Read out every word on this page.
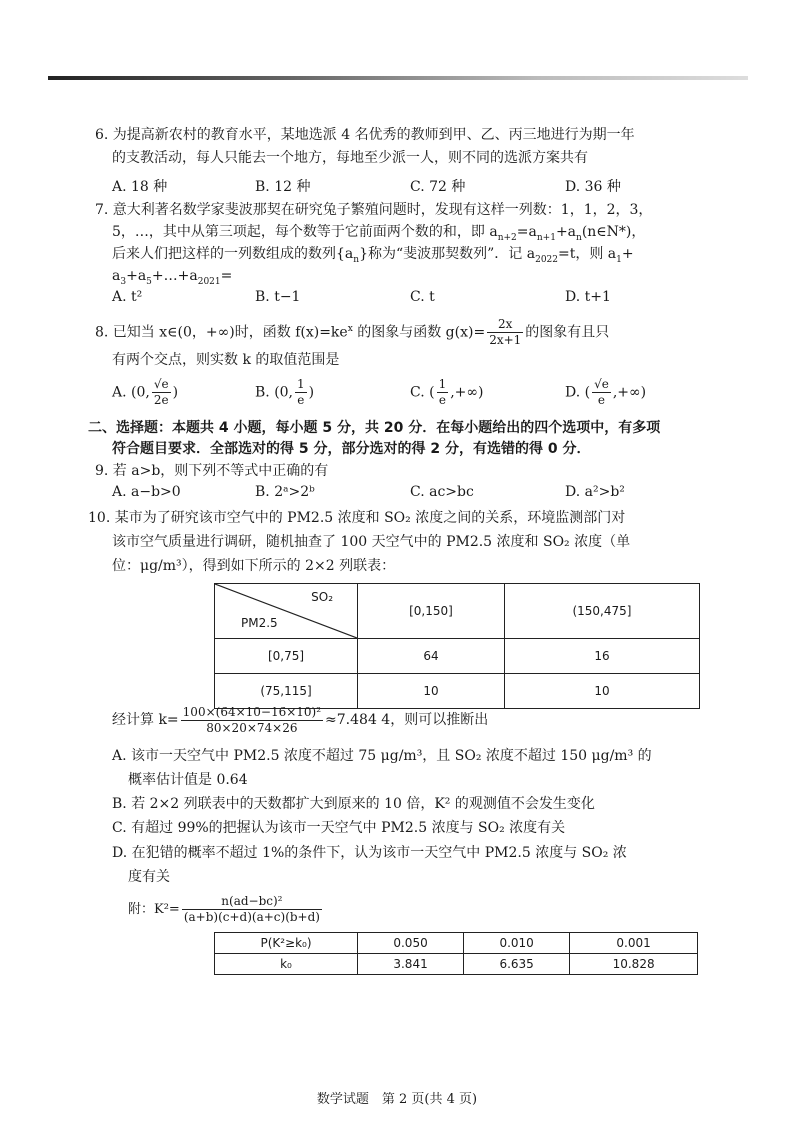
6. 为提高新农村的教育水平，某地选派 4 名优秀的教师到甲、乙、丙三地进行为期一年
的支教活动，每人只能去一个地方，每地至少派一人，则不同的选派方案共有
A. 18 种	B. 12 种	C. 72 种	D. 36 种
7. 意大利著名数学家斐波那契在研究兔子繁殖问题时，发现有这样一列数：1，1，2，3，
5，…，其中从第三项起，每个数等于它前面两个数的和，即 $a_{n+2}=a_{n+1}+a_n(n\in N*)$，
后来人们把这样的一列数组成的数列$\{a_n\}$称为“斐波那契数列”．记 $a_{2022}=t$，则 $a_1+$
$a_3+a_5+\dots+a_{2021}=$
A. t²	B. t−1	C. t	D. t+1
8. 已知当 x∈(0，+∞)时，函数 $f(x)=ke^x$ 的图象与函数 $g(x)= \frac{2x}{2x+1}$ 的图象有且只
有两个交点，则实数 k 的取值范围是
A. (0, $\frac{√e}{2e}$ )	B. (0, $\frac{1}{e}$ )	C. ( $\frac{1}{e}$ ,+∞)	D. ( $\frac{√e}{e}$ ,+∞)
二、选择题：本题共 4 小题，每小题 5 分，共 20 分．在每小题给出的四个选项中，有多项
符合题目要求．全部选对的得 5 分，部分选对的得 2 分，有选错的得 0 分．
9. 若 a>b，则下列不等式中正确的有
A. a−b>0	B. 2ᵃ>2ᵇ	C. ac>bc	D. a²>b²
10. 某市为了研究该市空气中的 PM2.5 浓度和 SO₂ 浓度之间的关系，环境监测部门对
该市空气质量进行调研，随机抽查了 100 天空气中的 PM2.5 浓度和 SO₂ 浓度（单
位：μg/m³），得到如下所示的 2×2 列联表：
SO₂
PM2.5	[0,150]	(150,475]
[0,75]	64	16
(75,115]	10	10
经计算 $k= \frac{\text{100×(64×10−16×10)²}}{80\times 20\times 74\times 26} \approx 7.484$ 4，则可以推断出
A. 该市一天空气中 PM2.5 浓度不超过 75 μg/m³，且 SO₂ 浓度不超过 150 μg/m³ 的
概率估计值是 0.64
B. 若 2×2 列联表中的天数都扩大到原来的 10 倍，K² 的观测值不会发生变化
C. 有超过 99%的把握认为该市一天空气中 PM2.5 浓度与 SO₂ 浓度有关
D. 在犯错的概率不超过 1%的条件下，认为该市一天空气中 PM2.5 浓度与 SO₂ 浓
度有关
附：$K^2= \frac{\text{n(ad−bc)²}}{(a+b)(c+d)(a+c)(b+d)}$
P(K²≥k₀)	0.050	0.010	0.001
k₀	3.841	6.635	10.828
数学试题　第 2 页(共 4 页)
